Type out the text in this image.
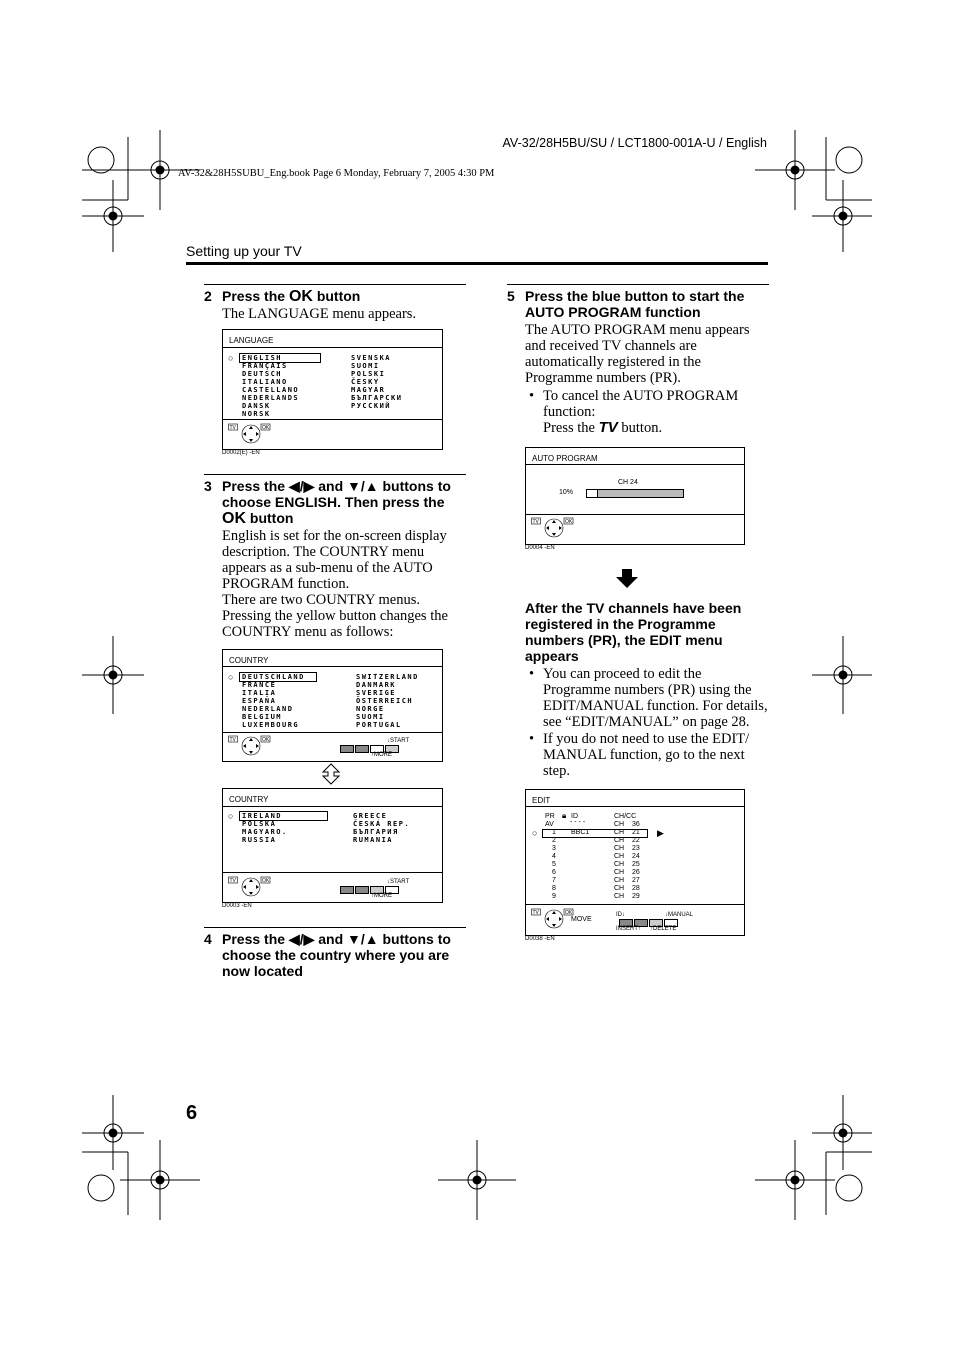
AV-32/28H5BU/SU / LCT1800-001A-U / English
AV-32&28H5SUBU_Eng.book Page 6 Monday, February 7, 2005 4:30 PM
Setting up your TV
2 Press the OK button
The LANGUAGE menu appears.
LANGUAGE
○ ENGLISH
FRANÇAIS
DEUTSCH
ITALIANO
CASTELLANO
NEDERLANDS
DANSK
NORSK
SVENSKA
SUOMI
POLSKI
ČESKY
MAGYAR
БЪЛГАРСКИ
РУССКИЙ
TV	OK
D0002(E) -EN
3 Press the ◀/▶ and ▼/▲ buttons to
choose ENGLISH. Then press the
OK button
English is set for the on-screen display
description. The COUNTRY menu
appears as a sub-menu of the AUTO
PROGRAM function.
There are two COUNTRY menus.
Pressing the yellow button changes the
COUNTRY menu as follows:
COUNTRY
○ DEUTSCHLAND
FRANCE
ITALIA
ESPAÑA
NEDERLAND
BELGIUM
LUXEMBOURG
SWITZERLAND
DANMARK
SVERIGE
ÖSTERREICH
NORGE
SUOMI
PORTUGAL
TV	OK	↓START
↑MORE
COUNTRY
○ IRELAND
POLSKA
MAGYARO.
RUSSIA
GREECE
ČESKÁ REP.
БЪЛГАРИЯ
RUMANIA
TV	OK	↓START
↑MORE
D0003 -EN
4 Press the ◀/▶ and ▼/▲ buttons to
choose the country where you are
now located
6
5 Press the blue button to start the
AUTO PROGRAM function
The AUTO PROGRAM menu appears
and received TV channels are
automatically registered in the
Programme numbers (PR).
• To cancel the AUTO PROGRAM
function:
Press the TV button.
AUTO PROGRAM
CH 24
10%
TV	OK
D0004 -EN
After the TV channels have been
registered in the Programme
numbers (PR), the EDIT menu
appears
• You can proceed to edit the
Programme numbers (PR) using the
EDIT/MANUAL function. For details,
see “EDIT/MANUAL” on page 28.
• If you do not need to use the EDIT/
MANUAL function, go to the next
step.
EDIT
PR 🔒︎ ID	CH/CC
AV - - - -	CH 36
○	▶
1 BBC1	CH 21
2	CH 22
3	CH 23
4	CH 24
5	CH 25
6	CH 26
7	CH 27
8	CH 28
9	CH 29
TV	OK
MOVE
ID↓	↓MANUAL
INSERT↑ ↑DELETE
D0038 -EN
